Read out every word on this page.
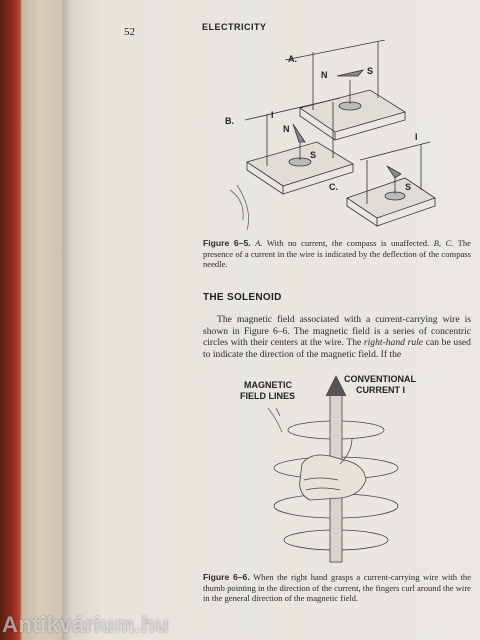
52	ELECTRICITY
A.
B.
C.
N	S
I
N
S
I
S
Figure 6–5. A. With no current, the compass is unaffected. B, C. The presence of a current in the wire is indicated by the deflection of the compass needle.
THE SOLENOID
The magnetic field associated with a current-carrying wire is shown in Figure 6–6. The magnetic field is a series of concentric circles with their centers at the wire. The right-hand rule can be used to indicate the direction of the magnetic field. If the
MAGNETIC
FIELD LINES
CONVENTIONAL
CURRENT I
Figure 6–6. When the right hand grasps a current-carrying wire with the thumb pointing in the direction of the current, the fingers curl around the wire in the general direction of the magnetic field.
Antikvárium.hu
